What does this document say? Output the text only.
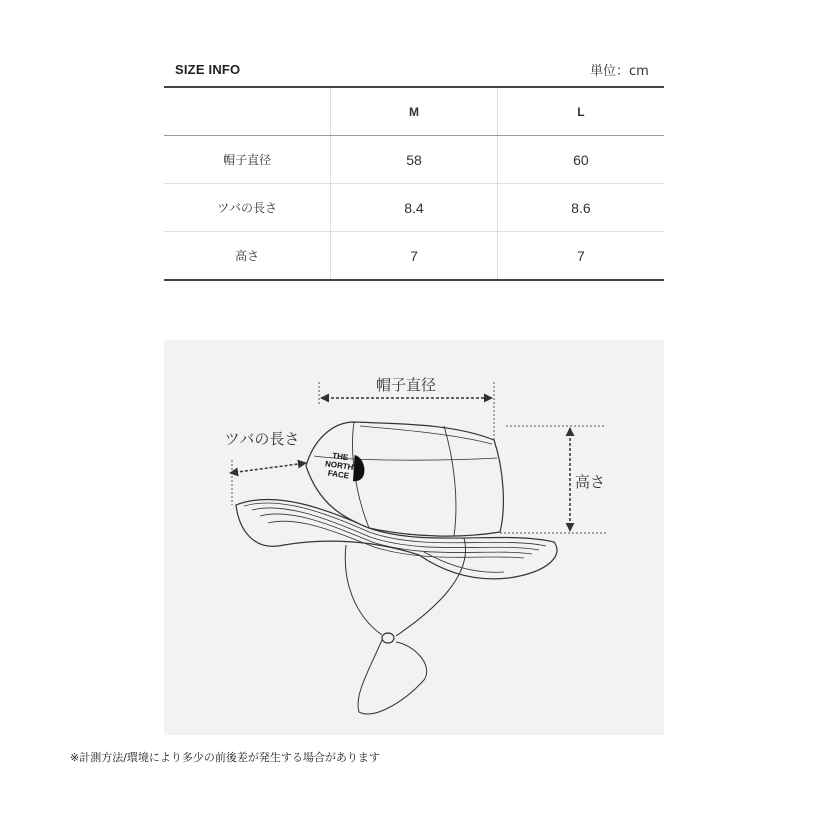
SIZE INFO	単位：cm
	M	L
帽子直径	58	60
ツバの長さ	8.4	8.6
高さ	7	7
帽子直径
ツバの長さ
高さ
THE
NORTH
FACE
※計測方法/環境により多少の前後差が発生する場合があります
